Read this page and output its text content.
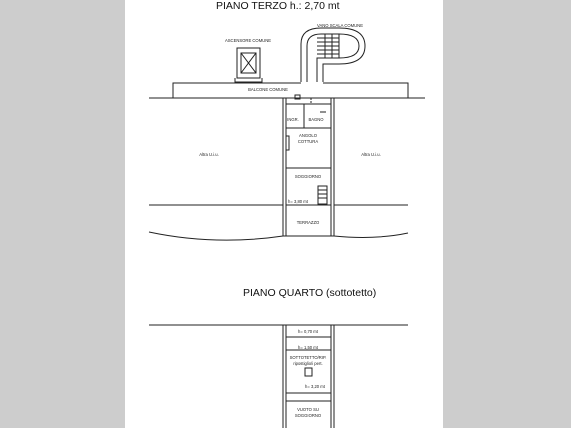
VANO SCALA COMUNE
ASCENSORE COMUNE
BALCONE COMUNE
INGR. BAGNO
ANGOLO
COTTURA
Altra U.i.u.	Altra U.i.u.
SOGGIORNO
h= 3,80 mt
TERRAZZO
h= 0,70 mt
h= 1,50 mt
SOTTOTETTO/RIP.
ripostiglio/i pert.
h= 3,20 mt
VUOTO SU
SOGGIORNO
PIANO TERZO h.: 2,70 mt
PIANO QUARTO (sottotetto)
